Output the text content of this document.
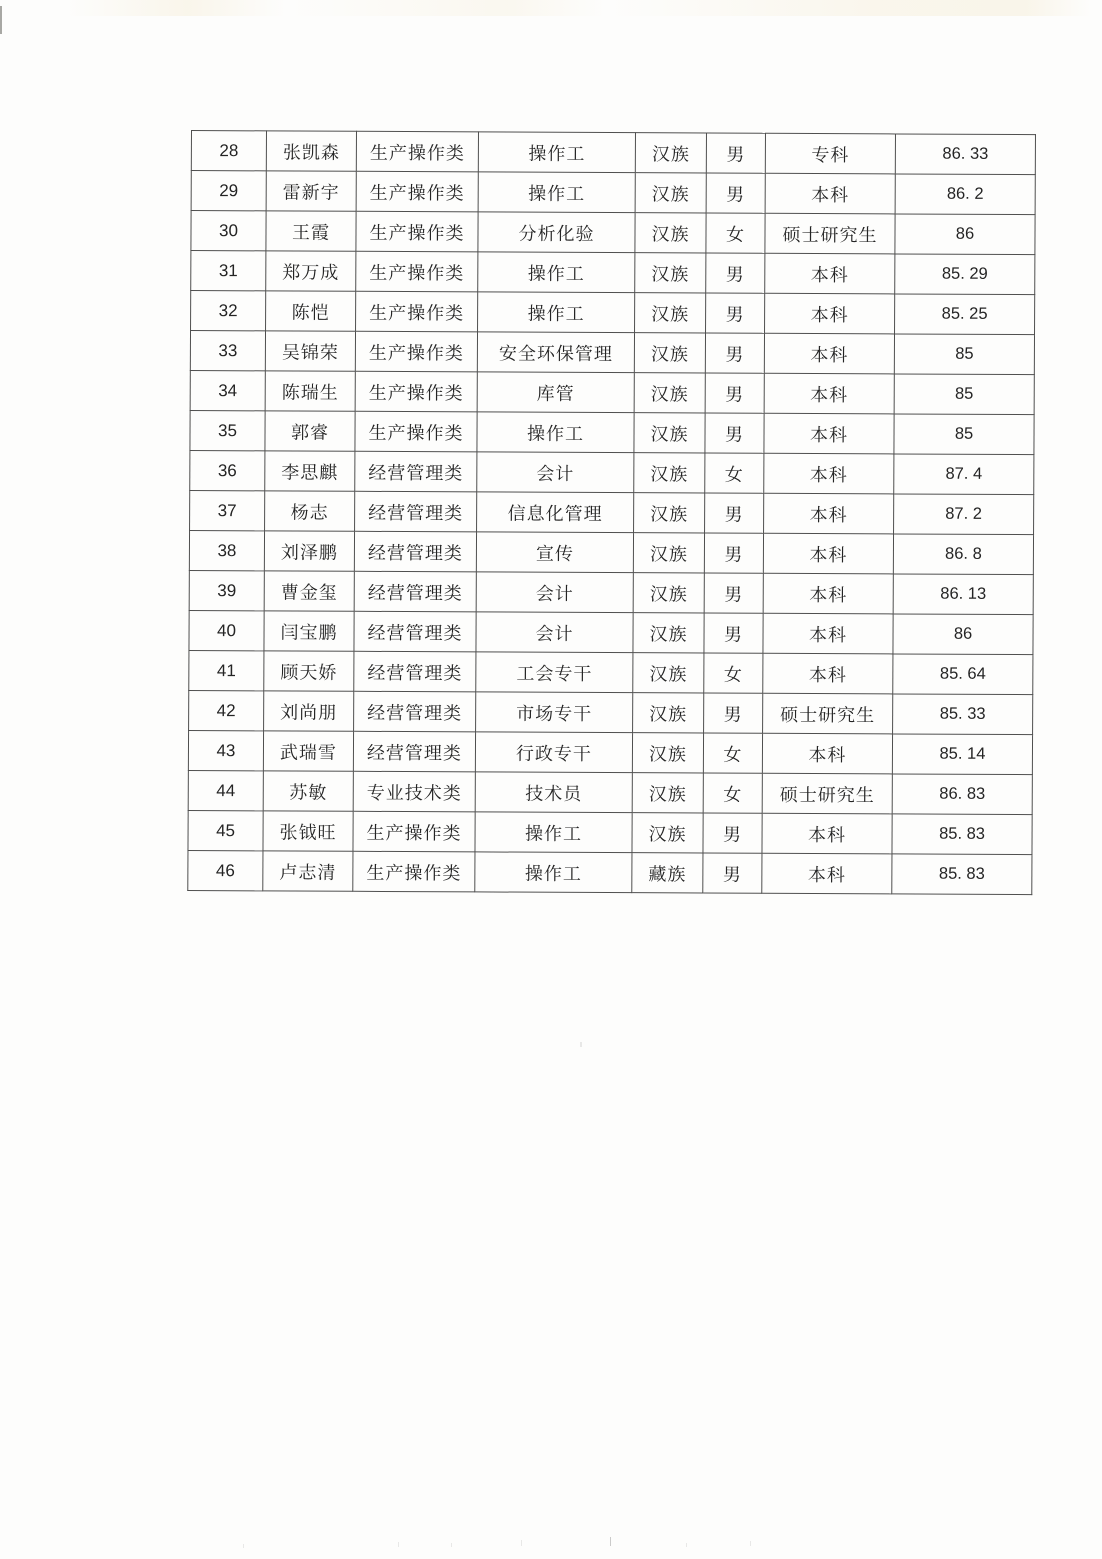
28	张凯森	生产操作类	操作工	汉族	男	专科	86. 33
29	雷新宇	生产操作类	操作工	汉族	男	本科	86. 2
30	王霞	生产操作类	分析化验	汉族	女	硕士研究生	86
31	郑万成	生产操作类	操作工	汉族	男	本科	85. 29
32	陈恺	生产操作类	操作工	汉族	男	本科	85. 25
33	吴锦荣	生产操作类	安全环保管理	汉族	男	本科	85
34	陈瑞生	生产操作类	库管	汉族	男	本科	85
35	郭睿	生产操作类	操作工	汉族	男	本科	85
36	李思麒	经营管理类	会计	汉族	女	本科	87. 4
37	杨志	经营管理类	信息化管理	汉族	男	本科	87. 2
38	刘泽鹏	经营管理类	宣传	汉族	男	本科	86. 8
39	曹金玺	经营管理类	会计	汉族	男	本科	86. 13
40	闫宝鹏	经营管理类	会计	汉族	男	本科	86
41	顾天娇	经营管理类	工会专干	汉族	女	本科	85. 64
42	刘尚朋	经营管理类	市场专干	汉族	男	硕士研究生	85. 33
43	武瑞雪	经营管理类	行政专干	汉族	女	本科	85. 14
44	苏敏	专业技术类	技术员	汉族	女	硕士研究生	86. 83
45	张钺旺	生产操作类	操作工	汉族	男	本科	85. 83
46	卢志清	生产操作类	操作工	藏族	男	本科	85. 83
